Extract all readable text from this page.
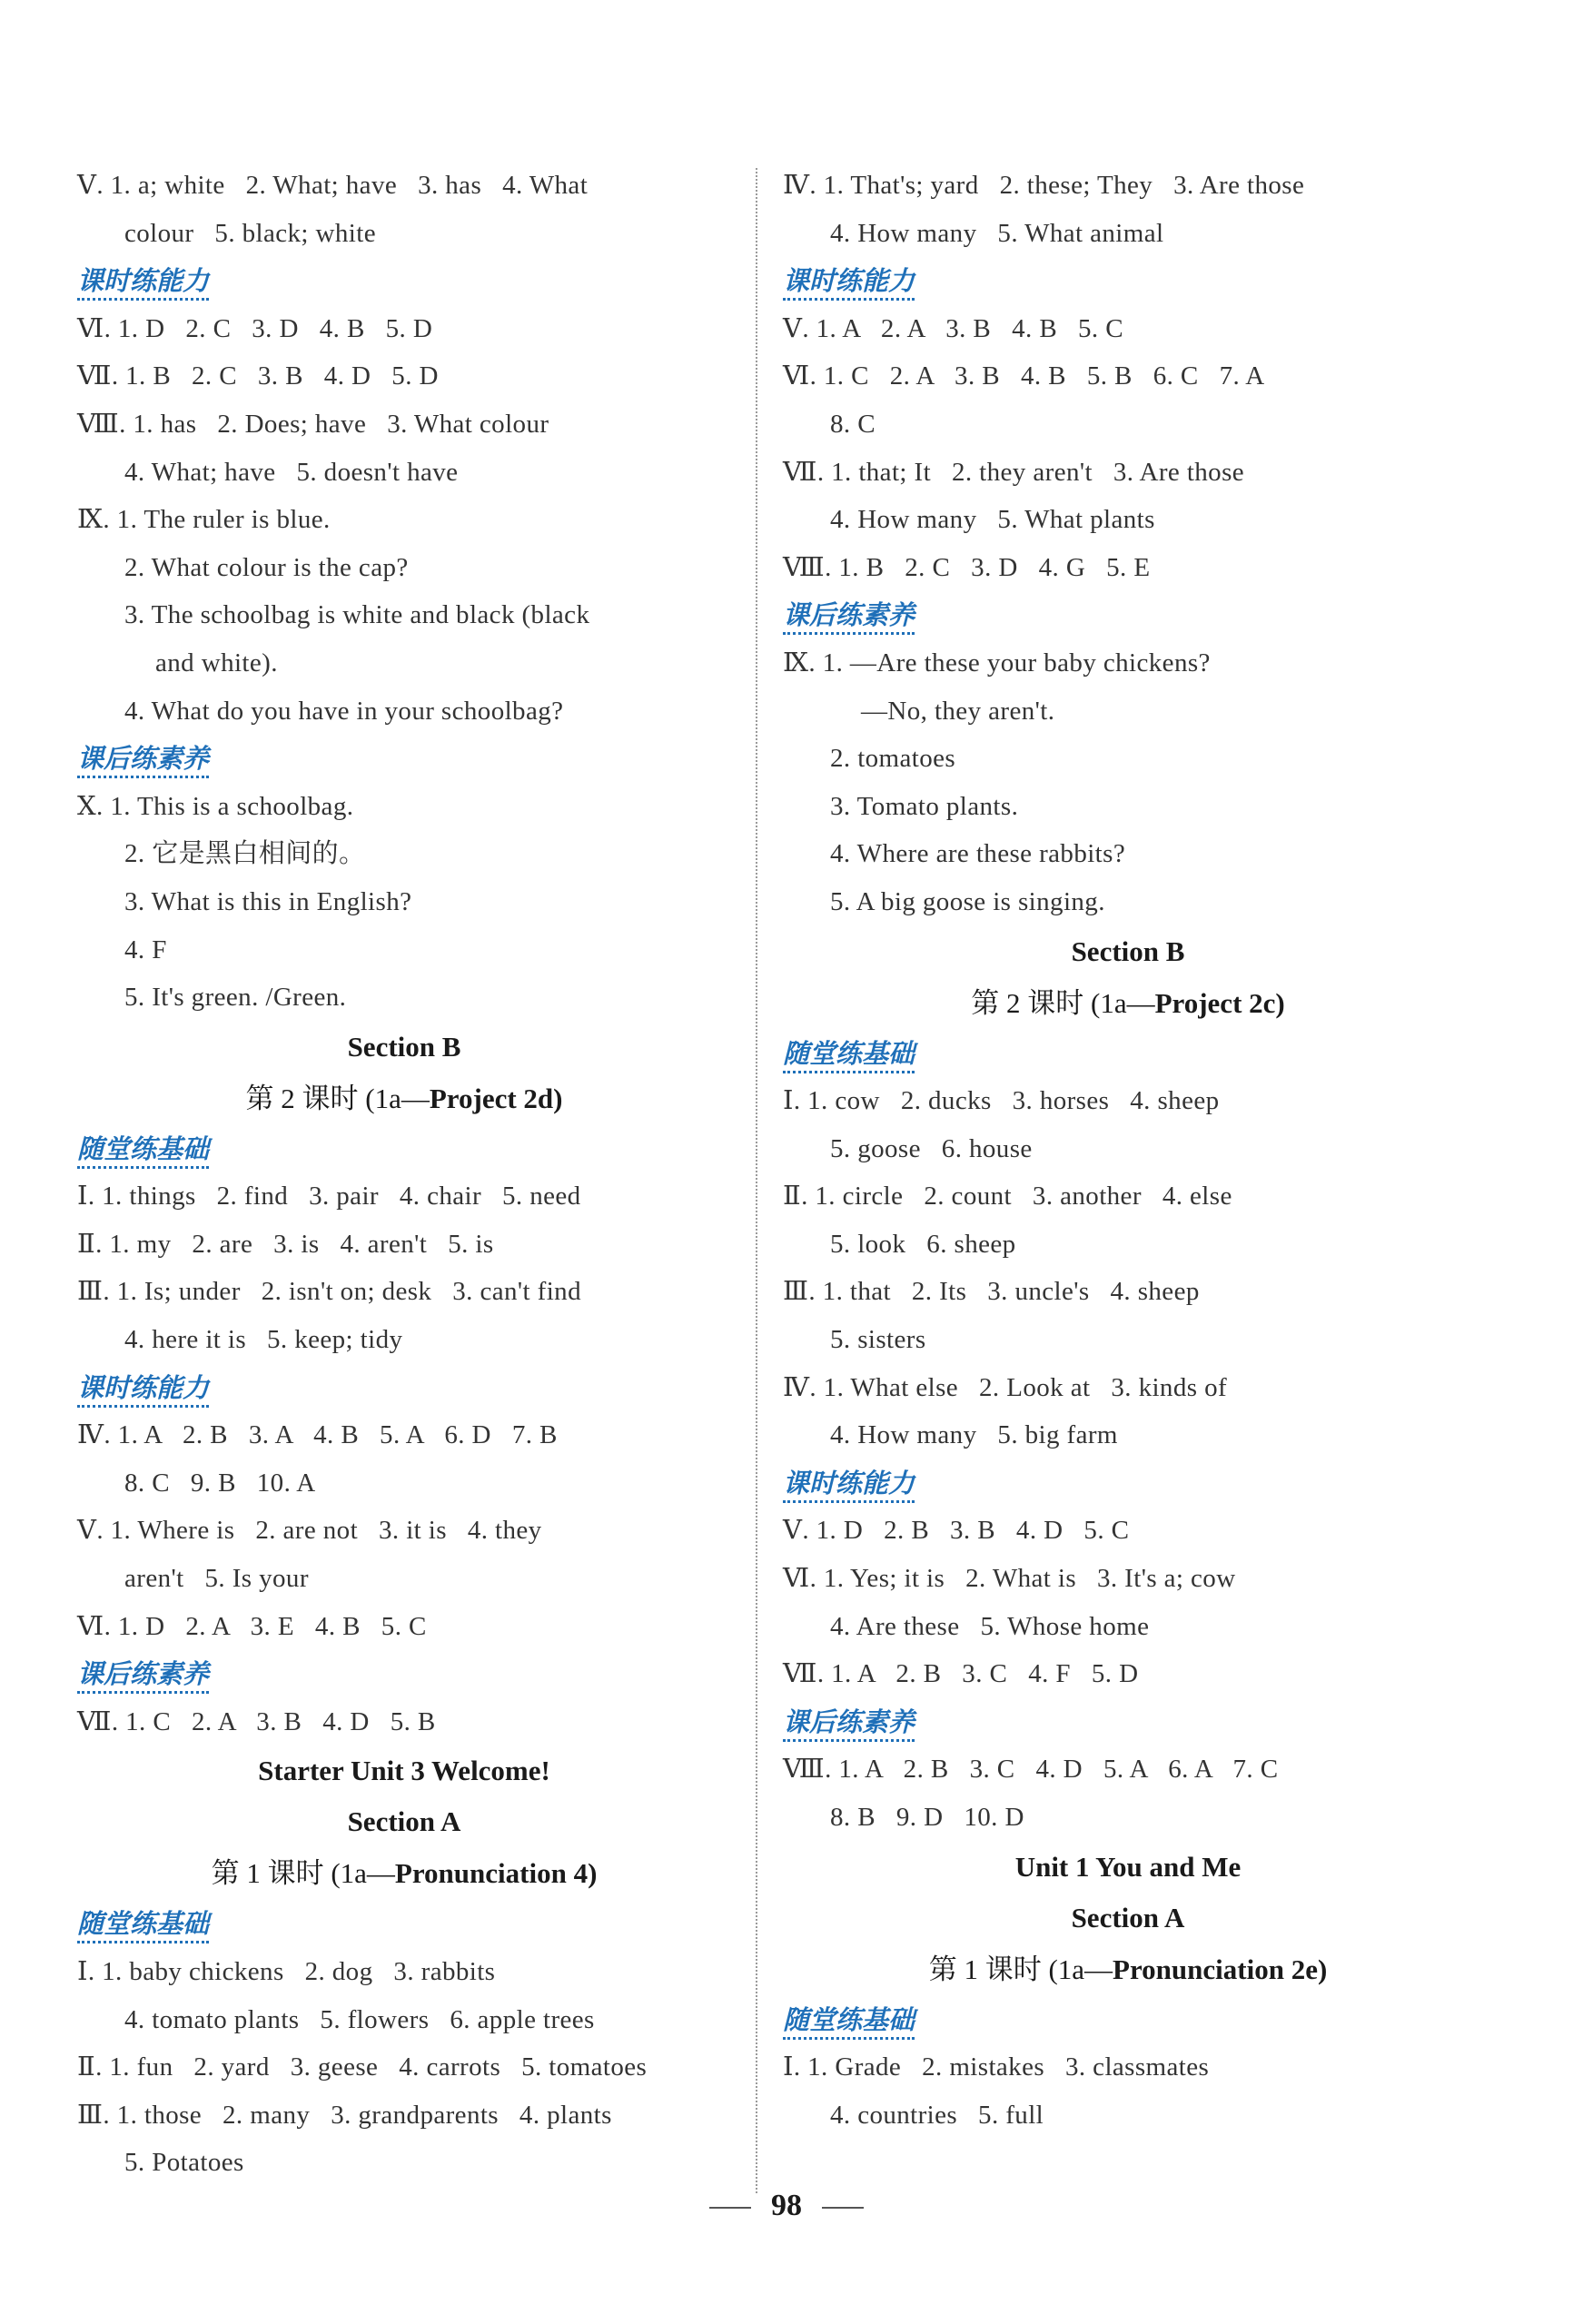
Ⅴ. 1. a; white   2. What; have   3. has   4. What
colour   5. black; white
课时练能力
Ⅵ. 1. D   2. C   3. D   4. B   5. D
Ⅶ. 1. B   2. C   3. B   4. D   5. D
Ⅷ. 1. has   2. Does; have   3. What colour
4. What; have   5. doesn't have
Ⅸ. 1. The ruler is blue.
2. What colour is the cap?
3. The schoolbag is white and black (black
and white).
4. What do you have in your schoolbag?
课后练素养
Ⅹ. 1. This is a schoolbag.
2. 它是黑白相间的。
3. What is this in English?
4. F
5. It's green. /Green.
Section B
第 2 课时 (1a—Project 2d)
随堂练基础
Ⅰ. 1. things   2. find   3. pair   4. chair   5. need
Ⅱ. 1. my   2. are   3. is   4. aren't   5. is
Ⅲ. 1. Is; under   2. isn't on; desk   3. can't find
4. here it is   5. keep; tidy
课时练能力
Ⅳ. 1. A   2. B   3. A   4. B   5. A   6. D   7. B
8. C   9. B   10. A
Ⅴ. 1. Where is   2. are not   3. it is   4. they
aren't   5. Is your
Ⅵ. 1. D   2. A   3. E   4. B   5. C
课后练素养
Ⅶ. 1. C   2. A   3. B   4. D   5. B
Starter Unit 3 Welcome!
Section A
第 1 课时 (1a—Pronunciation 4)
随堂练基础
Ⅰ. 1. baby chickens   2. dog   3. rabbits
4. tomato plants   5. flowers   6. apple trees
Ⅱ. 1. fun   2. yard   3. geese   4. carrots   5. tomatoes
Ⅲ. 1. those   2. many   3. grandparents   4. plants
5. Potatoes
Ⅳ. 1. That's; yard   2. these; They   3. Are those
4. How many   5. What animal
课时练能力
Ⅴ. 1. A   2. A   3. B   4. B   5. C
Ⅵ. 1. C   2. A   3. B   4. B   5. B   6. C   7. A
8. C
Ⅶ. 1. that; It   2. they aren't   3. Are those
4. How many   5. What plants
Ⅷ. 1. B   2. C   3. D   4. G   5. E
课后练素养
Ⅸ. 1. —Are these your baby chickens?
—No, they aren't.
2. tomatoes
3. Tomato plants.
4. Where are these rabbits?
5. A big goose is singing.
Section B
第 2 课时 (1a—Project 2c)
随堂练基础
Ⅰ. 1. cow   2. ducks   3. horses   4. sheep
5. goose   6. house
Ⅱ. 1. circle   2. count   3. another   4. else
5. look   6. sheep
Ⅲ. 1. that   2. Its   3. uncle's   4. sheep
5. sisters
Ⅳ. 1. What else   2. Look at   3. kinds of
4. How many   5. big farm
课时练能力
Ⅴ. 1. D   2. B   3. B   4. D   5. C
Ⅵ. 1. Yes; it is   2. What is   3. It's a; cow
4. Are these   5. Whose home
Ⅶ. 1. A   2. B   3. C   4. F   5. D
课后练素养
Ⅷ. 1. A   2. B   3. C   4. D   5. A   6. A   7. C
8. B   9. D   10. D
Unit 1 You and Me
Section A
第 1 课时 (1a—Pronunciation 2e)
随堂练基础
Ⅰ. 1. Grade   2. mistakes   3. classmates
4. countries   5. full
98
